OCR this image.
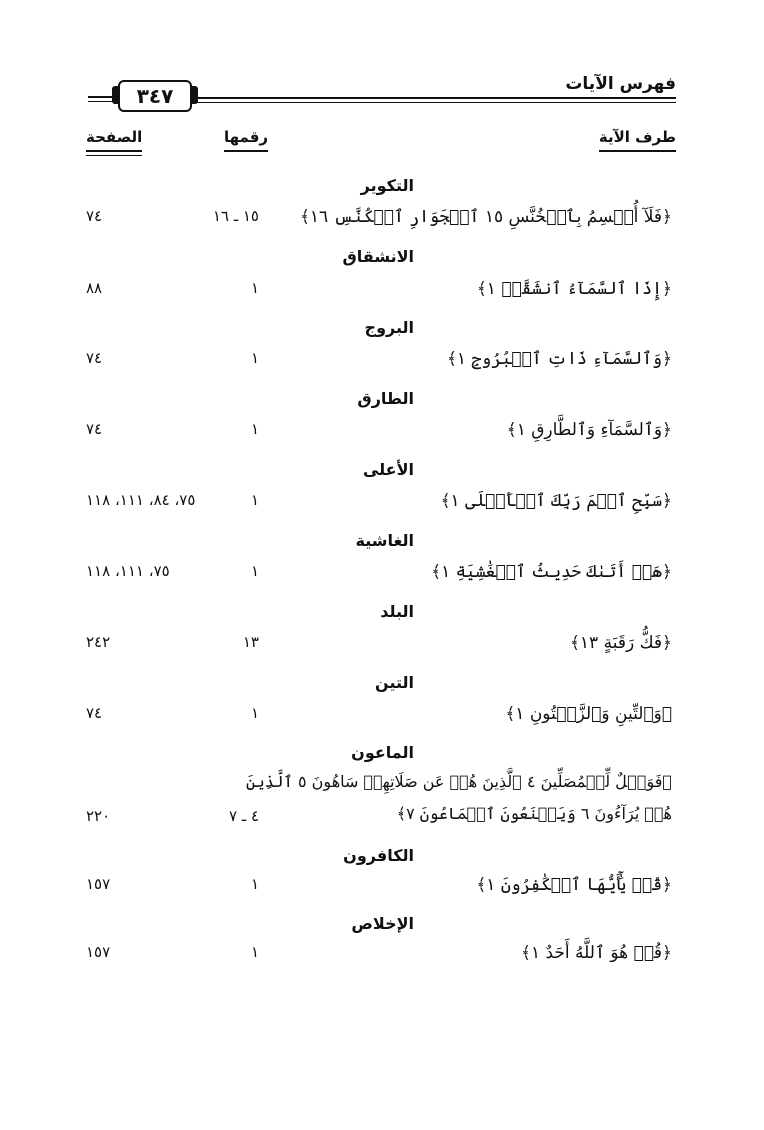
فهرس الآيات
٣٤٧
طرف الآية
رقمها
الصفحة
التكوير
﴿فَلَآ أُقۡسِمُ بِٱلۡخُنَّسِ ١٥ ٱلۡجَوَارِ ٱلۡكُنَّسِ ١٦﴾
١٥ ـ ١٦
٧٤
الانشقاق
﴿إِذَا ٱلسَّمَآءُ ٱنشَقَّتۡ ١﴾
١
٨٨
البروج
﴿وَٱلسَّمَآءِ ذَاتِ ٱلۡبُرُوجِ ١﴾
١
٧٤
الطارق
﴿وَٱلسَّمَآءِ وَٱلطَّارِقِ ١﴾
١
٧٤
الأعلى
﴿سَبِّحِ ٱسۡمَ رَبِّكَ ٱلۡأَعۡلَى ١﴾
١
٧٥، ٨٤، ١١١، ١١٨
الغاشية
﴿هَلۡ أَتَىٰكَ حَدِيثُ ٱلۡغَٰشِيَةِ ١﴾
١
٧٥، ١١١، ١١٨
البلد
﴿فَكُّ رَقَبَةٍ ١٣﴾
١٣
٢٤٢
التين
﴿وَٱلتِّينِ وَٱلزَّيۡتُونِ ١﴾
١
٧٤
الماعون
﴿فَوَيۡلٌ لِّلۡمُصَلِّينَ ٤ ٱلَّذِينَ هُمۡ عَن صَلَاتِهِمۡ سَاهُونَ ٥ ٱلَّذِينَ
هُمۡ يُرَآءُونَ ٦ وَيَمۡنَعُونَ ٱلۡمَاعُونَ ٧﴾
٤ ـ ٧
٢٢٠
الكافرون
﴿قُلۡ يَٰٓأَيُّهَا ٱلۡكَٰفِرُونَ ١﴾
١
١٥٧
الإخلاص
﴿قُلۡ هُوَ ٱللَّهُ أَحَدٌ ١﴾
١
١٥٧
